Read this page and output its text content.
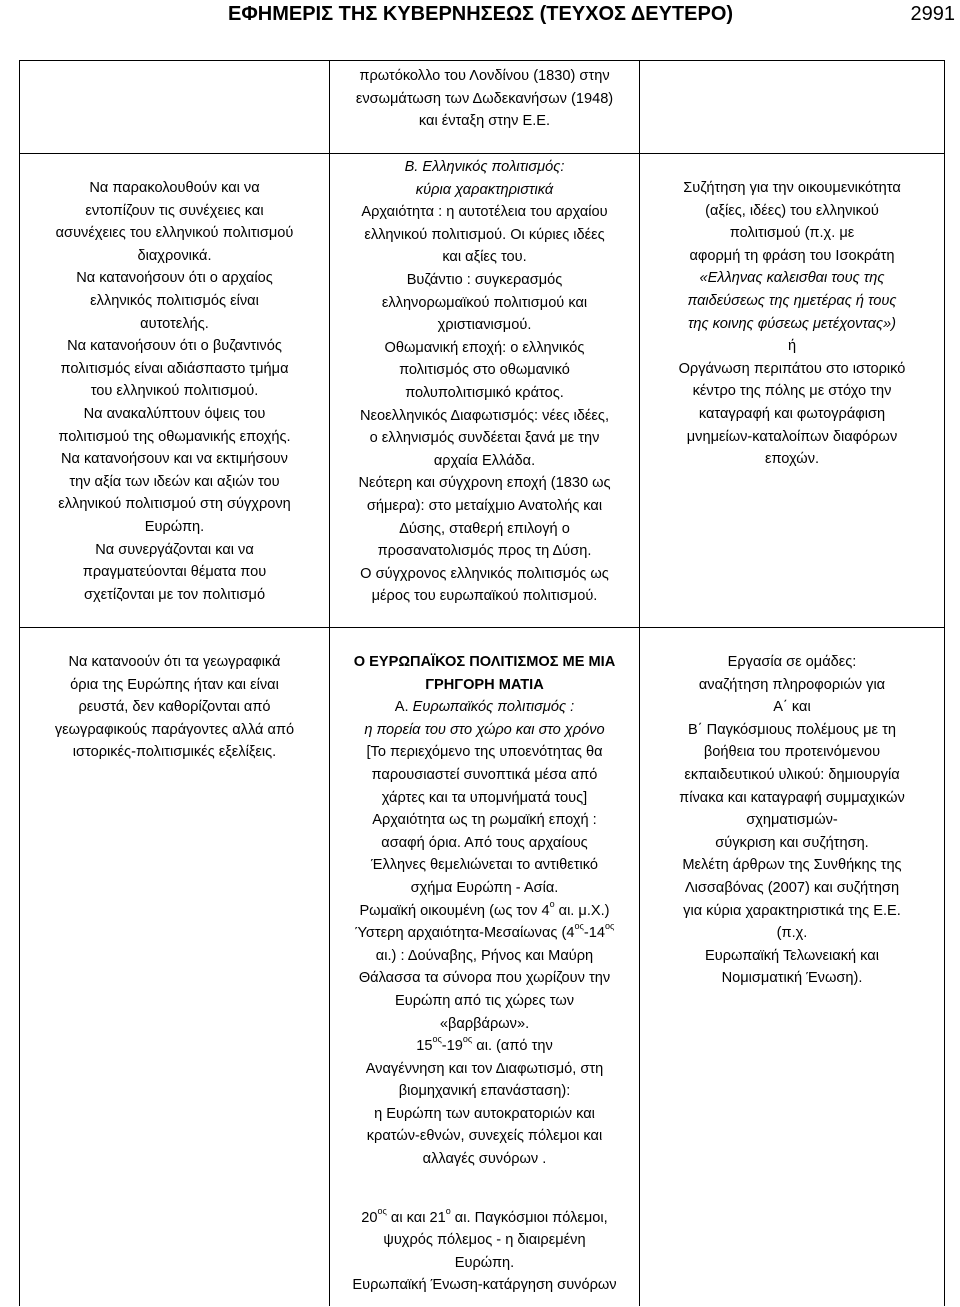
ΕΦΗΜΕΡΙΣ ΤΗΣ ΚΥΒΕΡΝΗΣΕΩΣ (ΤΕΥΧΟΣ ΔΕΥΤΕΡΟ)	2991

πρωτόκολλο του Λονδίνου (1830) στην

ενσωμάτωση των Δωδεκανήσων (1948)

και ένταξη στην Ε.Ε.

Να παρακολουθούν και να

εντοπίζουν τις συνέχειες και

ασυνέχειες του ελληνικού πολιτισμού

διαχρονικά.

Να κατανοήσουν ότι ο αρχαίος

ελληνικός πολιτισμός είναι

αυτοτελής.

Να κατανοήσουν ότι ο βυζαντινός

πολιτισμός είναι αδιάσπαστο τμήμα

του ελληνικού πολιτισμού.

Να ανακαλύπτουν όψεις του

πολιτισμού της οθωμανικής εποχής.

Να κατανοήσουν και να εκτιμήσουν

την αξία των ιδεών και αξιών του

ελληνικού πολιτισμού στη σύγχρονη

Ευρώπη.

Να συνεργάζονται και να

πραγματεύονται θέματα που

σχετίζονται με τον πολιτισμό

Β. Ελληνικός πολιτισμός:

κύρια χαρακτηριστικά

Αρχαιότητα : η αυτοτέλεια του αρχαίου

ελληνικού πολιτισμού. Οι κύριες ιδέες

και αξίες του.

Βυζάντιο : συγκερασμός

ελληνορωμαϊκού πολιτισμού και

χριστιανισμού.

Οθωμανική εποχή: ο ελληνικός

πολιτισμός στο οθωμανικό

πολυπολιτισμικό κράτος.

Νεοελληνικός Διαφωτισμός: νέες ιδέες,

ο ελληνισμός συνδέεται ξανά με την

αρχαία Ελλάδα.

Νεότερη και σύγχρονη εποχή (1830 ως

σήμερα): στο μεταίχμιο Ανατολής και

Δύσης, σταθερή επιλογή ο

προσανατολισμός προς τη Δύση.

Ο σύγχρονος ελληνικός πολιτισμός ως

μέρος του ευρωπαϊκού πολιτισμού.

Συζήτηση για την οικουμενικότητα

(αξίες, ιδέες) του ελληνικού

πολιτισμού (π.χ. με

αφορμή τη φράση του Ισοκράτη

«Ελληνας καλεισθαι τους της

παιδεύσεως της ημετέρας ή τους

της κοινης φύσεως μετέχοντας»)

ή

Οργάνωση περιπάτου στο ιστορικό

κέντρο της πόλης με στόχο την

καταγραφή και φωτογράφιση

μνημείων-καταλοίπων διαφόρων

εποχών.

Να κατανοούν ότι τα γεωγραφικά

όρια της Ευρώπης ήταν και είναι

ρευστά, δεν καθορίζονται από

γεωγραφικούς παράγοντες αλλά από

ιστορικές-πολιτισμικές εξελίξεις.

Ο ΕΥΡΩΠΑΪΚΟΣ ΠΟΛΙΤΙΣΜΟΣ ΜΕ ΜΙΑ

ΓΡΗΓΟΡΗ ΜΑΤΙΑ

Α. Ευρωπαϊκός πολιτισμός :

η πορεία του στο χώρο και στο χρόνο

[Το περιεχόμενο της υποενότητας θα

παρουσιαστεί συνοπτικά μέσα από

χάρτες και τα υπομνήματά τους]

Αρχαιότητα ως τη ρωμαϊκή εποχή :

ασαφή όρια. Από τους αρχαίους

Έλληνες θεμελιώνεται το αντιθετικό

σχήμα Ευρώπη - Ασία.

Ρωμαϊκή οικουμένη (ως τον $4^o$ αι. μ.Χ.)

Ύστερη αρχαιότητα-Μεσαίωνας ($4^{o\varsigma}-14^{o\varsigma}$

αι.) : Δούναβης, Ρήνος και Μαύρη

Θάλασσα τα σύνορα που χωρίζουν την

Ευρώπη από τις χώρες των

«βαρβάρων».

$15^{o\varsigma}-19^{o\varsigma}$ αι. (από την

Αναγέννηση και τον Διαφωτισμό, στη

βιομηχανική επανάσταση):

η Ευρώπη των αυτοκρατοριών και

κρατών-εθνών, συνεχείς πόλεμοι και

αλλαγές συνόρων .

$20^{o\varsigma}$ αι και $21^o$ αι. Παγκόσμιοι πόλεμοι,

ψυχρός πόλεμος - η διαιρεμένη

Ευρώπη.

Ευρωπαϊκή Ένωση-κατάργηση συνόρων

Εργασία σε ομάδες:

αναζήτηση πληροφοριών για

Α΄ και

Β΄ Παγκόσμιους πολέμους με τη

βοήθεια του προτεινόμενου

εκπαιδευτικού υλικού: δημιουργία

πίνακα και καταγραφή συμμαχικών

σχηματισμών-

σύγκριση και συζήτηση.

Μελέτη άρθρων της Συνθήκης της

Λισσαβόνας (2007) και συζήτηση

για κύρια χαρακτηριστικά της Ε.Ε.

(π.χ.

Ευρωπαϊκή Τελωνειακή και

Νομισματική Ένωση).
